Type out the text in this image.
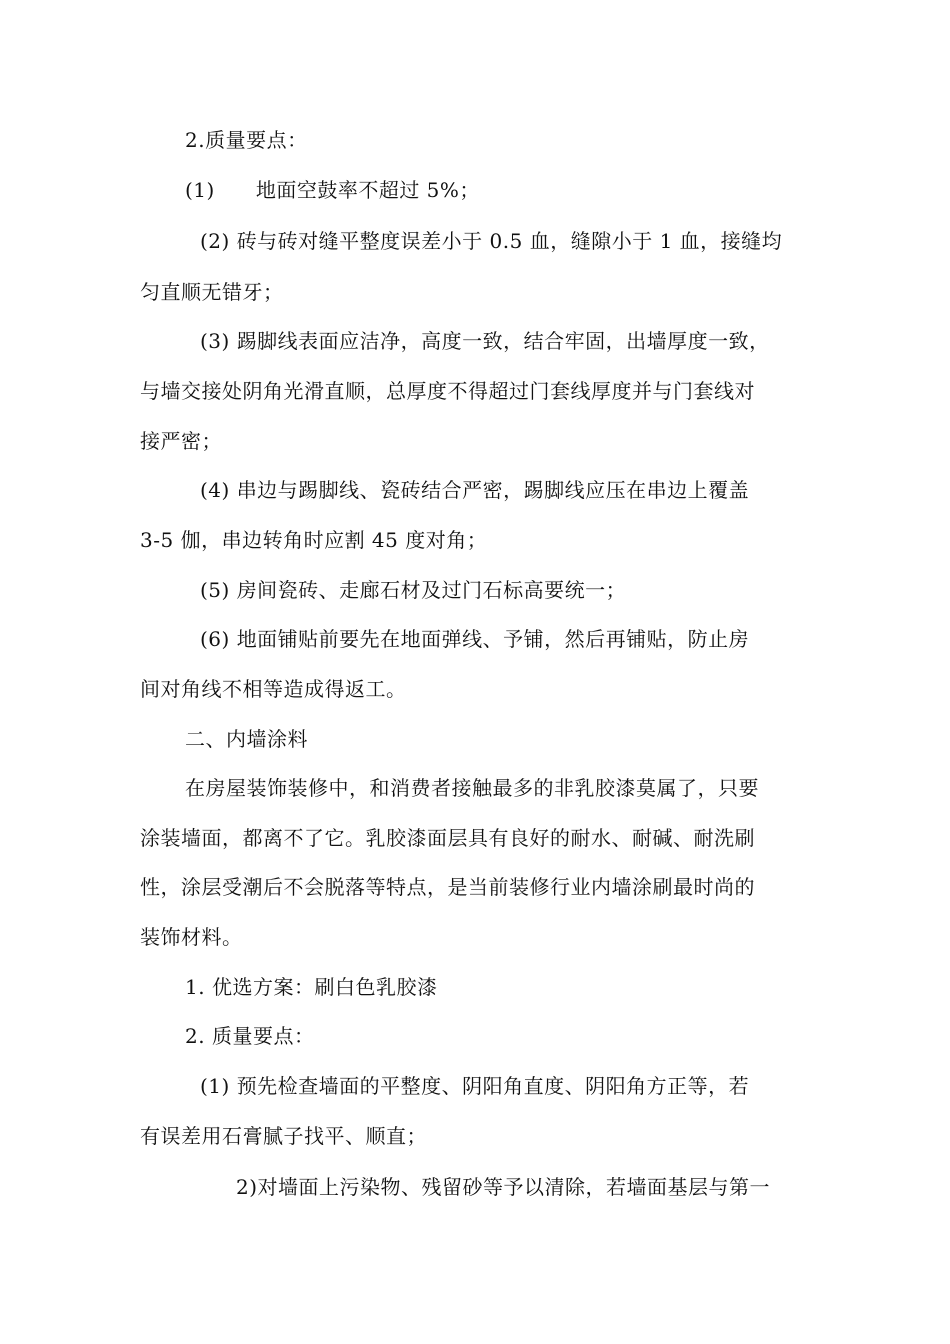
2.质量要点：
(1)　　地面空鼓率不超过 5%；
(2) 砖与砖对缝平整度误差小于 0.5 血，缝隙小于 1 血，接缝均
匀直顺无错牙；
(3) 踢脚线表面应洁净，高度一致，结合牢固，出墙厚度一致，
与墙交接处阴角光滑直顺，总厚度不得超过门套线厚度并与门套线对
接严密；
(4) 串边与踢脚线、瓷砖结合严密，踢脚线应压在串边上覆盖
3-5 伽，串边转角时应割 45 度对角；
(5) 房间瓷砖、走廊石材及过门石标高要统一；
(6) 地面铺贴前要先在地面弹线、予铺，然后再铺贴，防止房
间对角线不相等造成得返工。
二、内墙涂料
在房屋装饰装修中，和消费者接触最多的非乳胶漆莫属了，只要
涂装墙面，都离不了它。乳胶漆面层具有良好的耐水、耐碱、耐洗刷
性，涂层受潮后不会脱落等特点，是当前装修行业内墙涂刷最时尚的
装饰材料。
1. 优选方案：刷白色乳胶漆
2. 质量要点：
(1) 预先检查墙面的平整度、阴阳角直度、阴阳角方正等，若
有误差用石膏腻子找平、顺直；
2)对墙面上污染物、残留砂等予以清除，若墙面基层与第一
